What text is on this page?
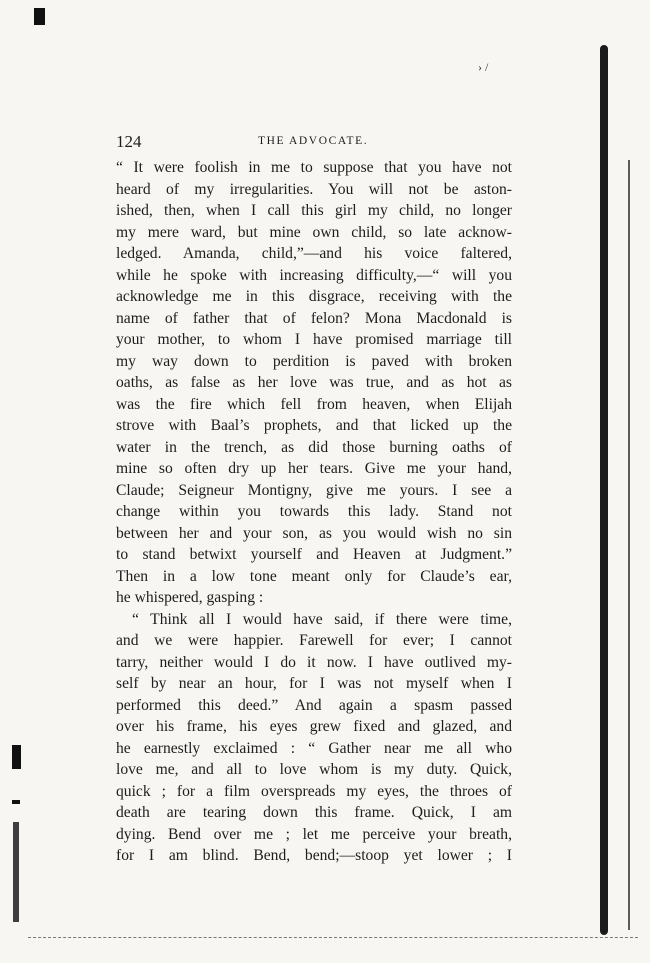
› /
124	THE ADVOCATE.
“ It were foolish in me to suppose that you have not
heard of my irregularities. You will not be aston-
ished, then, when I call this girl my child, no longer
my mere ward, but mine own child, so late acknow-
ledged. Amanda, child,”—and his voice faltered,
while he spoke with increasing difficulty,—“ will you
acknowledge me in this disgrace, receiving with the
name of father that of felon? Mona Macdonald is
your mother, to whom I have promised marriage till
my way down to perdition is paved with broken
oaths, as false as her love was true, and as hot as
was the fire which fell from heaven, when Elijah
strove with Baal’s prophets, and that licked up the
water in the trench, as did those burning oaths of
mine so often dry up her tears. Give me your hand,
Claude; Seigneur Montigny, give me yours. I see a
change within you towards this lady. Stand not
between her and your son, as you would wish no sin
to stand betwixt yourself and Heaven at Judgment.”
Then in a low tone meant only for Claude’s ear,
he whispered, gasping :
“ Think all I would have said, if there were time,
and we were happier. Farewell for ever; I cannot
tarry, neither would I do it now. I have outlived my-
self by near an hour, for I was not myself when I
performed this deed.” And again a spasm passed
over his frame, his eyes grew fixed and glazed, and
he earnestly exclaimed : “ Gather near me all who
love me, and all to love whom is my duty. Quick,
quick ; for a film overspreads my eyes, the throes of
death are tearing down this frame. Quick, I am
dying. Bend over me ; let me perceive your breath,
for I am blind. Bend, bend;—stoop yet lower ; I
